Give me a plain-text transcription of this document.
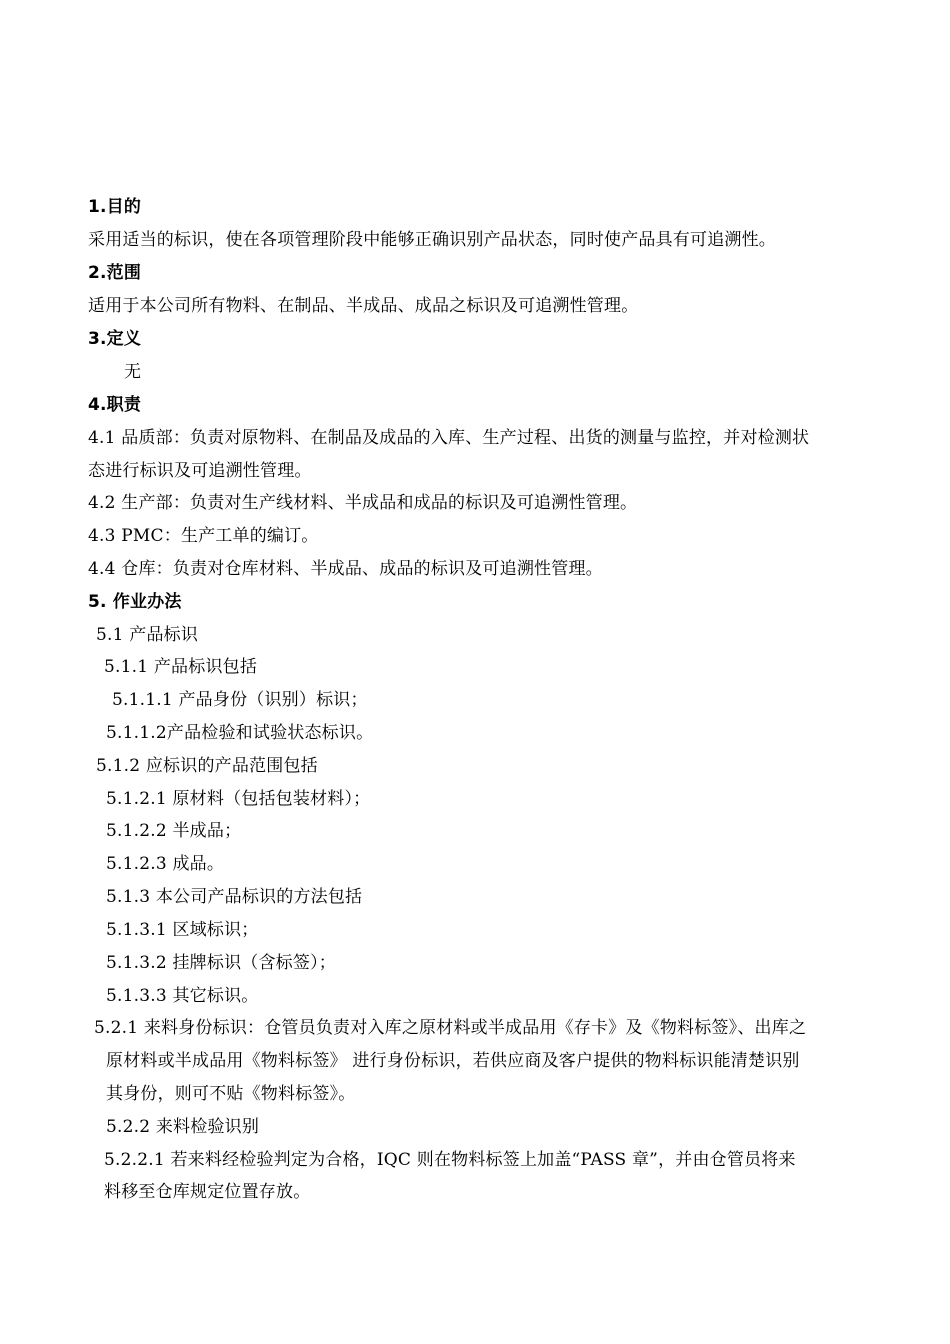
1.目的
采用适当的标识，使在各项管理阶段中能够正确识别产品状态，同时使产品具有可追溯性。
2.范围
适用于本公司所有物料、在制品、半成品、成品之标识及可追溯性管理。
3.定义
无
4.职责
4.1 品质部：负责对原物料、在制品及成品的入库、生产过程、出货的测量与监控，并对检测状
态进行标识及可追溯性管理。
4.2 生产部：负责对生产线材料、半成品和成品的标识及可追溯性管理。
4.3 PMC：生产工单的编订。
4.4 仓库：负责对仓库材料、半成品、成品的标识及可追溯性管理。
5. 作业办法
5.1 产品标识
5.1.1 产品标识包括
5.1.1.1 产品身份（识别）标识；
5.1.1.2产品检验和试验状态标识。
5.1.2 应标识的产品范围包括
5.1.2.1 原材料（包括包装材料）；
5.1.2.2 半成品；
5.1.2.3 成品。
5.1.3 本公司产品标识的方法包括
5.1.3.1 区域标识；
5.1.3.2 挂牌标识（含标签）；
5.1.3.3 其它标识。
5.2.1 来料身份标识：仓管员负责对入库之原材料或半成品用《存卡》及《物料标签》、出库之
原材料或半成品用《物料标签》 进行身份标识，若供应商及客户提供的物料标识能清楚识别
其身份，则可不贴《物料标签》。
5.2.2 来料检验识别
5.2.2.1 若来料经检验判定为合格，IQC 则在物料标签上加盖“PASS 章”，并由仓管员将来
料移至仓库规定位置存放。
